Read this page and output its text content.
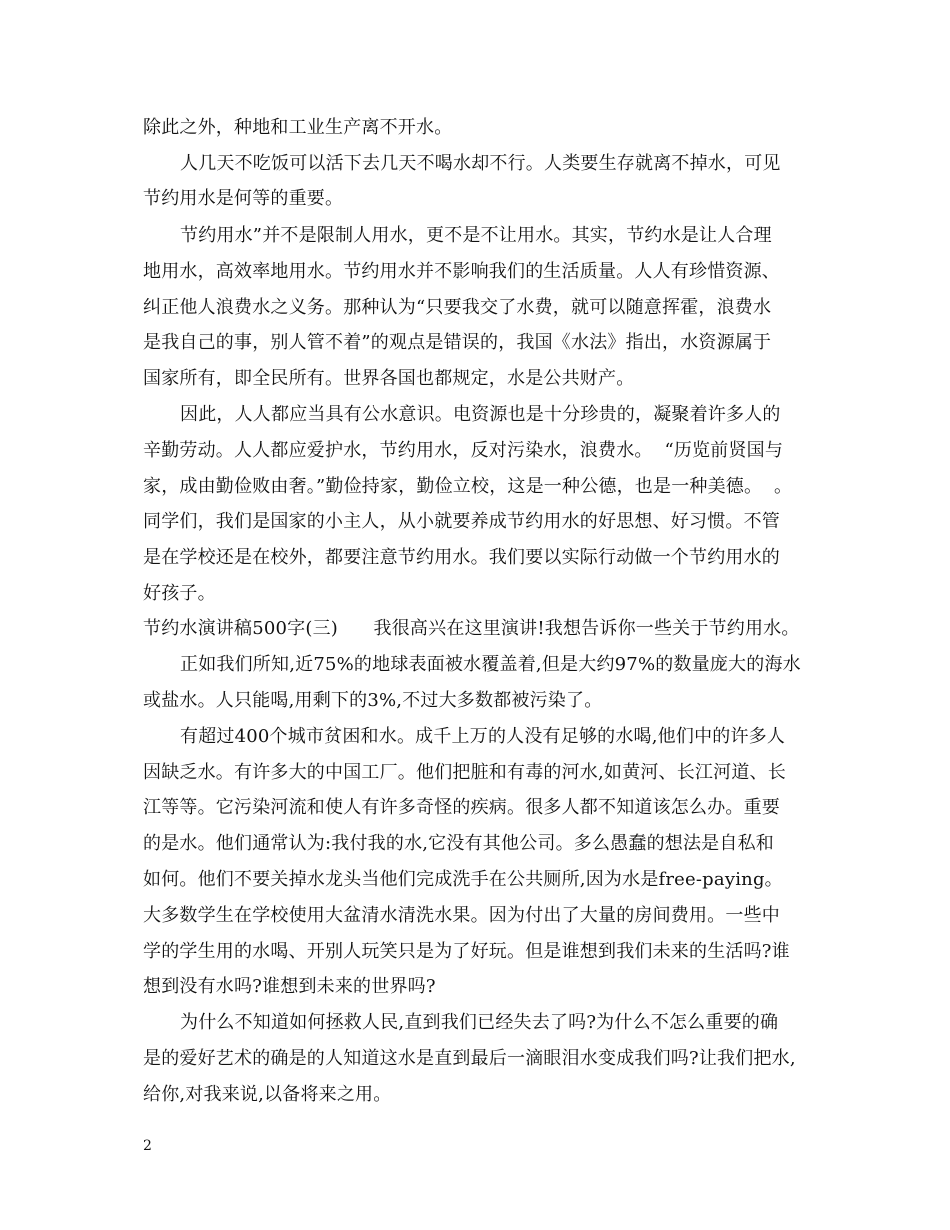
除此之外，种地和工业生产离不开水。
人几天不吃饭可以活下去几天不喝水却不行。人类要生存就离不掉水，可见
节约用水是何等的重要。
节约用水”并不是限制人用水，更不是不让用水。其实，节约水是让人合理
地用水，高效率地用水。节约用水并不影响我们的生活质量。人人有珍惜资源、
纠正他人浪费水之义务。那种认为“只要我交了水费，就可以随意挥霍，浪费水
是我自己的事，别人管不着”的观点是错误的，我国《水法》指出，水资源属于
国家所有，即全民所有。世界各国也都规定，水是公共财产。
因此，人人都应当具有公水意识。电资源也是十分珍贵的，凝聚着许多人的
辛勤劳动。人人都应爱护水，节约用水，反对污染水，浪费水。  “历览前贤国与
家，成由勤俭败由奢。”勤俭持家，勤俭立校，这是一种公德，也是一种美德。  。
同学们，我们是国家的小主人，从小就要养成节约用水的好思想、好习惯。不管
是在学校还是在校外，都要注意节约用水。我们要以实际行动做一个节约用水的
好孩子。
节约水演讲稿500字(三)      我很高兴在这里演讲!我想告诉你一些关于节约用水。
正如我们所知,近75%的地球表面被水覆盖着,但是大约97%的数量庞大的海水
或盐水。人只能喝,用剩下的3%,不过大多数都被污染了。
有超过400个城市贫困和水。成千上万的人没有足够的水喝,他们中的许多人
因缺乏水。有许多大的中国工厂。他们把脏和有毒的河水,如黄河、长江河道、长
江等等。它污染河流和使人有许多奇怪的疾病。很多人都不知道该怎么办。重要
的是水。他们通常认为:我付我的水,它没有其他公司。多么愚蠢的想法是自私和
如何。他们不要关掉水龙头当他们完成洗手在公共厕所,因为水是free-paying。
大多数学生在学校使用大盆清水清洗水果。因为付出了大量的房间费用。一些中
学的学生用的水喝、开别人玩笑只是为了好玩。但是谁想到我们未来的生活吗?谁
想到没有水吗?谁想到未来的世界吗?
为什么不知道如何拯救人民,直到我们已经失去了吗?为什么不怎么重要的确
是的爱好艺术的确是的人知道这水是直到最后一滴眼泪水变成我们吗?让我们把水,
给你,对我来说,以备将来之用。
2
